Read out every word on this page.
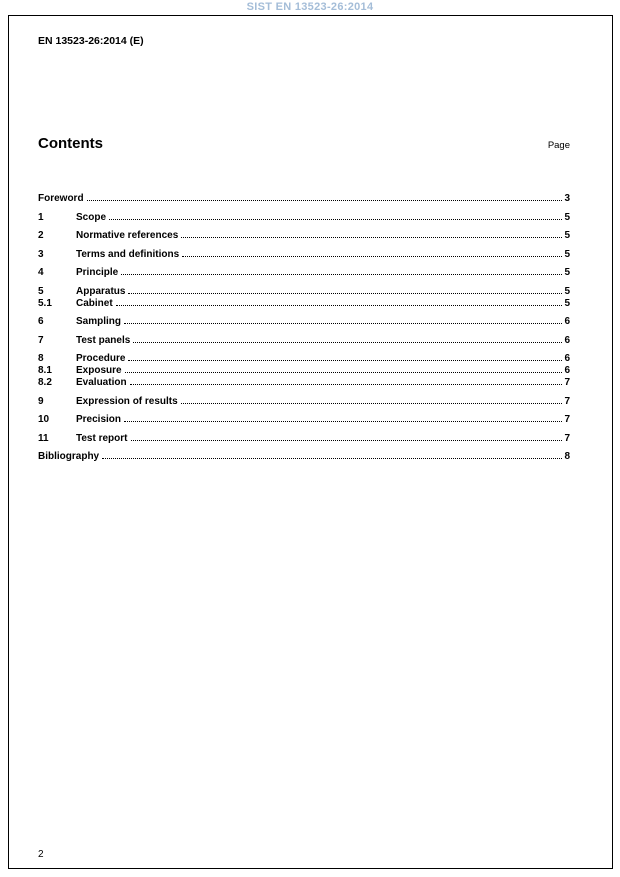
SIST EN 13523-26:2014
EN 13523-26:2014 (E)
Contents	Page
Foreword	3
1	Scope	5
2	Normative references	5
3	Terms and definitions	5
4	Principle	5
5	Apparatus	5
5.1	Cabinet	5
6	Sampling	6
7	Test panels	6
8	Procedure	6
8.1	Exposure	6
8.2	Evaluation	7
9	Expression of results	7
10	Precision	7
11	Test report	7
Bibliography	8
2
